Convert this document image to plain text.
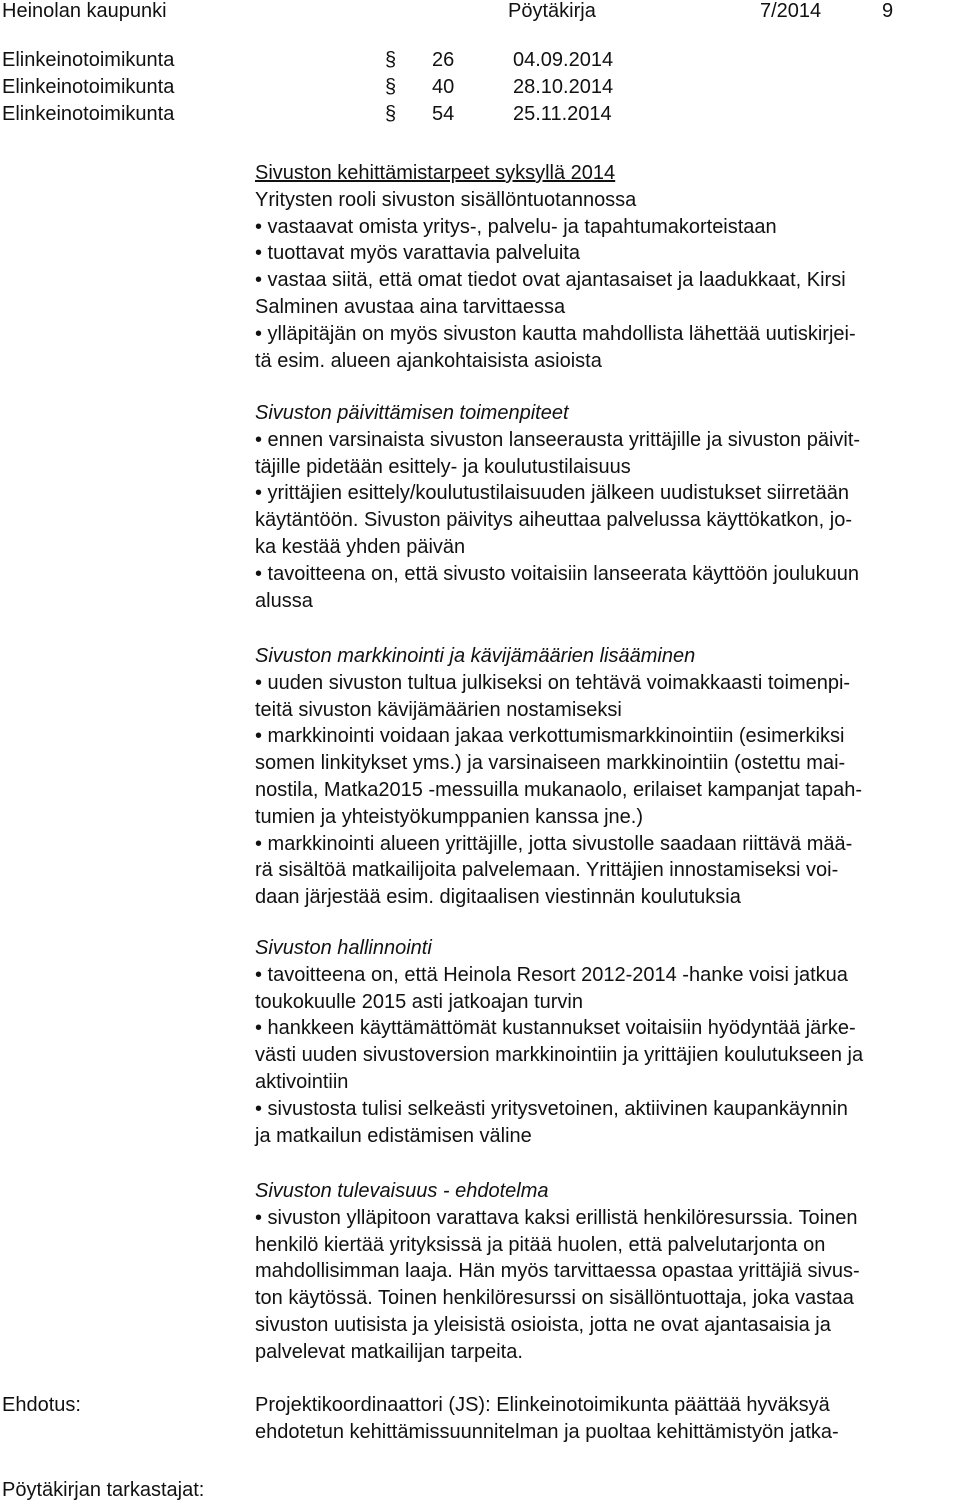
Heinolan kaupunki	Pöytäkirja	7/2014	9
Elinkeinotoimikunta	§ 26	04.09.2014
Elinkeinotoimikunta	§ 40	28.10.2014
Elinkeinotoimikunta	§ 54	25.11.2014
Sivuston kehittämistarpeet syksyllä 2014
Yritysten rooli sivuston sisällöntuotannossa
• vastaavat omista yritys-, palvelu- ja tapahtumakorteistaan
• tuottavat myös varattavia palveluita
• vastaa siitä, että omat tiedot ovat ajantasaiset ja laadukkaat, Kirsi
Salminen avustaa aina tarvittaessa
• ylläpitäjän on myös sivuston kautta mahdollista lähettää uutiskirjei-
tä esim. alueen ajankohtaisista asioista
Sivuston päivittämisen toimenpiteet
• ennen varsinaista sivuston lanseerausta yrittäjille ja sivuston päivit-
täjille pidetään esittely- ja koulutustilaisuus
• yrittäjien esittely/koulutustilaisuuden jälkeen uudistukset siirretään
käytäntöön. Sivuston päivitys aiheuttaa palvelussa käyttökatkon, jo-
ka kestää yhden päivän
• tavoitteena on, että sivusto voitaisiin lanseerata käyttöön joulukuun
alussa
Sivuston markkinointi ja kävijämäärien lisääminen
• uuden sivuston tultua julkiseksi on tehtävä voimakkaasti toimenpi-
teitä sivuston kävijämäärien nostamiseksi
• markkinointi voidaan jakaa verkottumismarkkinointiin (esimerkiksi
somen linkitykset yms.) ja varsinaiseen markkinointiin (ostettu mai-
nostila, Matka2015 -messuilla mukanaolo, erilaiset kampanjat tapah-
tumien ja yhteistyökumppanien kanssa jne.)
• markkinointi alueen yrittäjille, jotta sivustolle saadaan riittävä mää-
rä sisältöä matkailijoita palvelemaan. Yrittäjien innostamiseksi voi-
daan järjestää esim. digitaalisen viestinnän koulutuksia
Sivuston hallinnointi
• tavoitteena on, että Heinola Resort 2012-2014 -hanke voisi jatkua
toukokuulle 2015 asti jatkoajan turvin
• hankkeen käyttämättömät kustannukset voitaisiin hyödyntää järke-
västi uuden sivustoversion markkinointiin ja yrittäjien koulutukseen ja
aktivointiin
• sivustosta tulisi selkeästi yritysvetoinen, aktiivinen kaupankäynnin
ja matkailun edistämisen väline
Sivuston tulevaisuus - ehdotelma
• sivuston ylläpitoon varattava kaksi erillistä henkilöresurssia. Toinen
henkilö kiertää yrityksissä ja pitää huolen, että palvelutarjonta on
mahdollisimman laaja. Hän myös tarvittaessa opastaa yrittäjiä sivus-
ton käytössä. Toinen henkilöresurssi on sisällöntuottaja, joka vastaa
sivuston uutisista ja yleisistä osioista, jotta ne ovat ajantasaisia ja
palvelevat matkailijan tarpeita.
Ehdotus:	Projektikoordinaattori (JS): Elinkeinotoimikunta päättää hyväksyä
ehdotetun kehittämissuunnitelman ja puoltaa kehittämistyön jatka-
Pöytäkirjan tarkastajat:
